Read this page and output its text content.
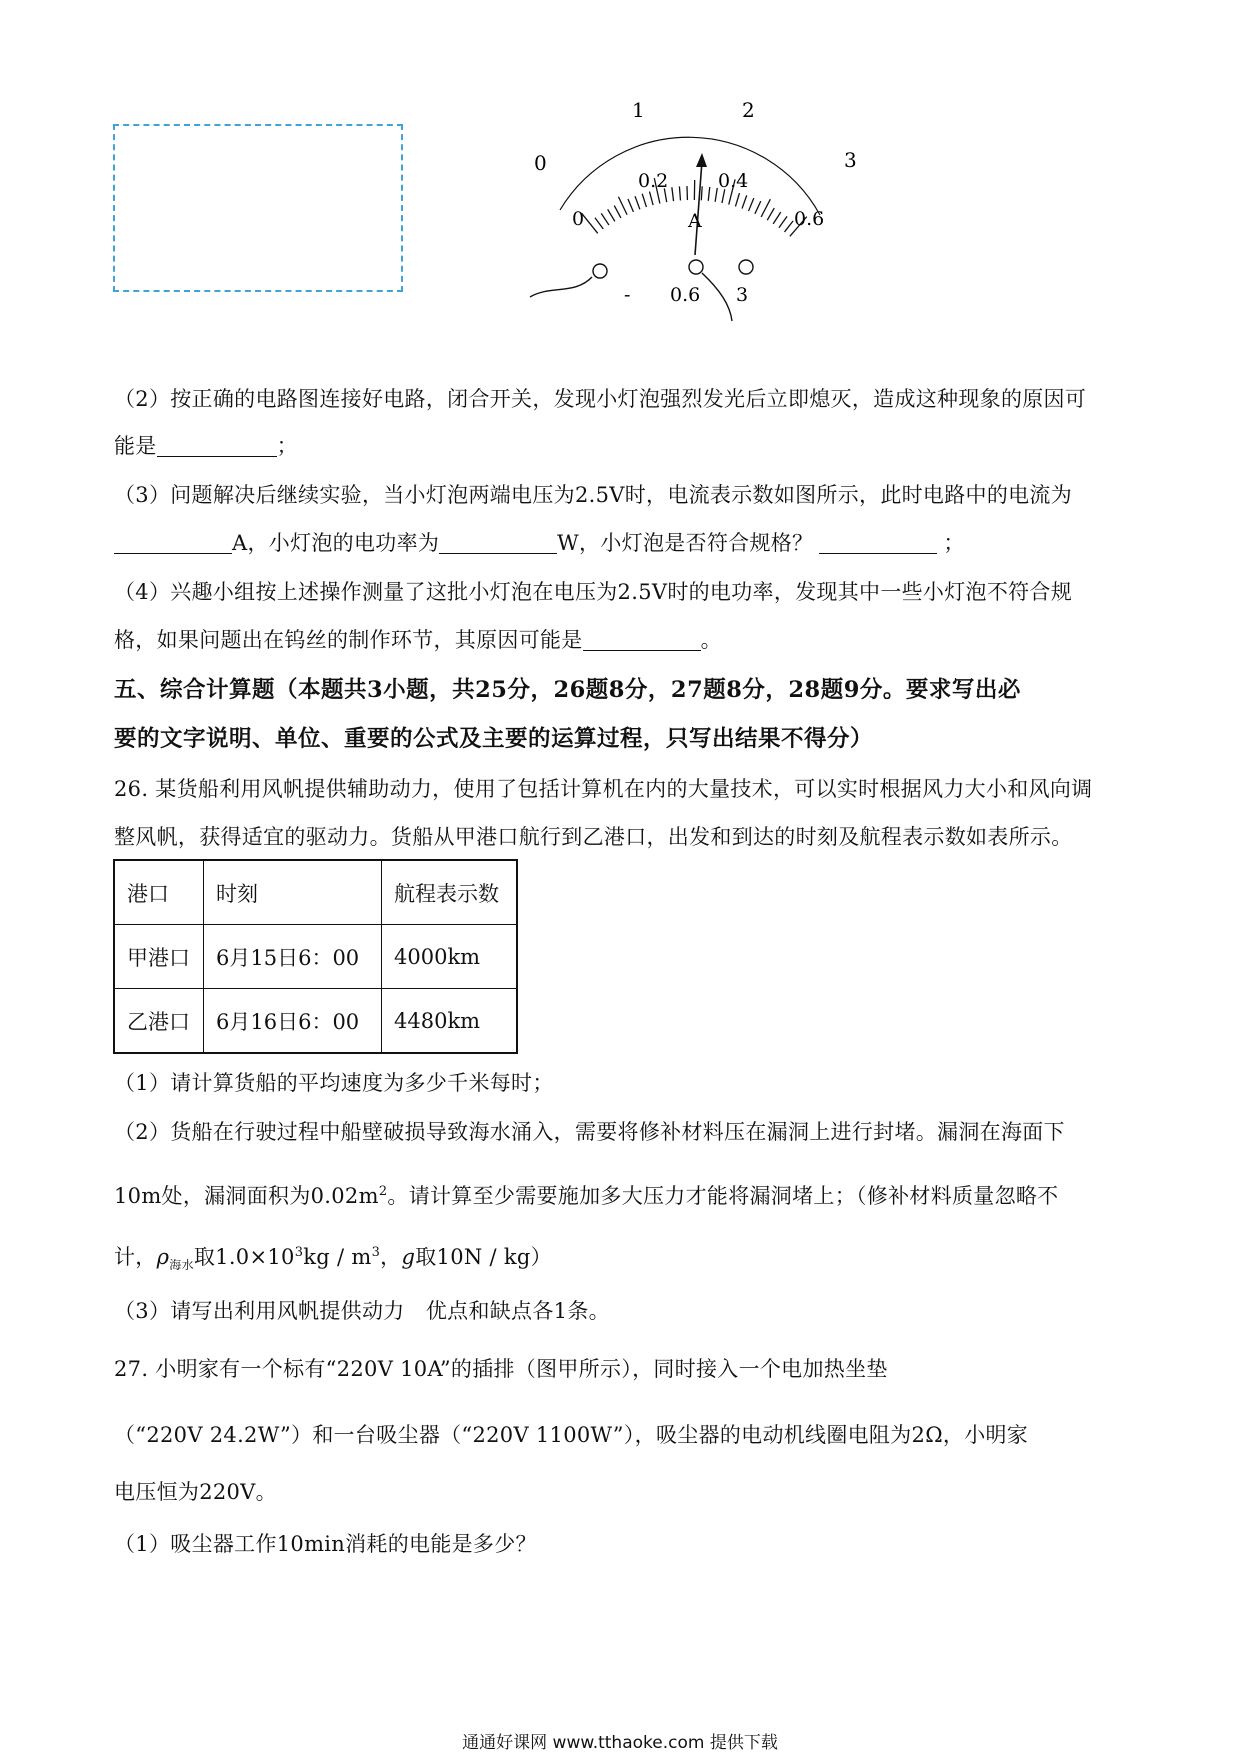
0
1	2
3
0
0.2	0.4
0.6
A
- 0.6 3
（2）按正确的电路图连接好电路，闭合开关，发现小灯泡强烈发光后立即熄灭，造成这种现象的原因可
能是	；
（3）问题解决后继续实验，当小灯泡两端电压为2.5V时，电流表示数如图所示，此时电路中的电流为
A，小灯泡的电功率为	W，小灯泡是否符合规格？	；
（4）兴趣小组按上述操作测量了这批小灯泡在电压为2.5V时的电功率，发现其中一些小灯泡不符合规
格，如果问题出在钨丝的制作环节，其原因可能是	。
五、综合计算题（本题共3小题，共25分，26题8分，27题8分，28题9分。要求写出必
要的文字说明、单位、重要的公式及主要的运算过程，只写出结果不得分）
26. 某货船利用风帆提供辅助动力，使用了包括计算机在内的大量技术，可以实时根据风力大小和风向调
整风帆，获得适宜的驱动力。货船从甲港口航行到乙港口，出发和到达的时刻及航程表示数如表所示。
港口	时刻	航程表示数
甲港口	6月15日6：00	4000km
乙港口	6月16日6：00	4480km
（1）请计算货船的平均速度为多少千米每时；
（2）货船在行驶过程中船壁破损导致海水涌入，需要将修补材料压在漏洞上进行封堵。漏洞在海面下
10m处，漏洞面积为$0.02m^2$。请计算至少需要施加多大压力才能将漏洞堵上；（修补材料质量忽略不
计，$\rho_{海水}$取$1.0\times 10^3kg / m^3$，g取10N / kg）
（3）请写出利用风帆提供动力　优点和缺点各1条。
27. 小明家有一个标有“220V 10A”的插排（图甲所示），同时接入一个电加热坐垫
（“220V 24.2W”）和一台吸尘器（“220V 1100W”），吸尘器的电动机线圈电阻为2Ω，小明家
电压恒为220V。
（1）吸尘器工作10min消耗的电能是多少？
通通好课网 www.tthaoke.com 提供下载
